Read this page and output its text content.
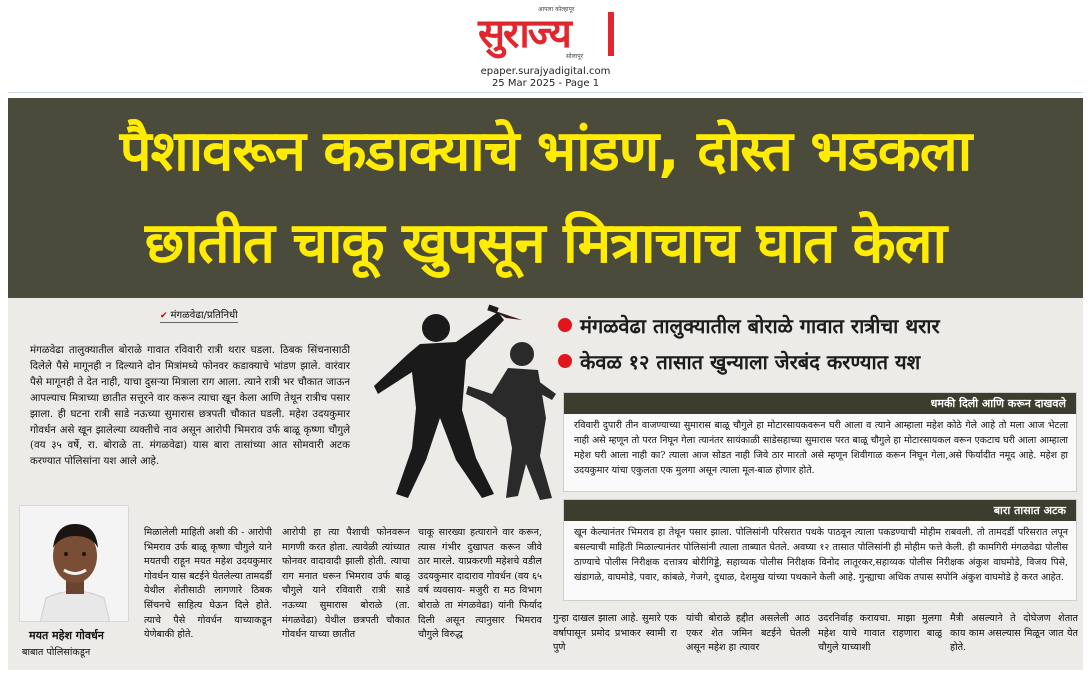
आपला कोल्हापूर
सुराज्य
सोलापूर
epaper.surajyadigital.com
25 Mar 2025 - Page 1
पैशावरून कडाक्याचे भांडण, दोस्त भडकला
छातीत चाकू खुपसून मित्राचाच घात केला
✔ मंगळवेढा/प्रतिनिधी
मंगळवेढा तालुक्यातील बोराळे गावात रविवारी रात्री थरार घडला. ठिबक सिंचनासाठी दिलेले पैसे मागूनही न दिल्याने दोन मित्रांमध्ये फोनवर कडाक्याचे भांडण झाले. वारंवार पैसे मागूनही ते देत नाही, याचा दुसऱ्या मित्राला राग आला. त्याने रात्री भर चौकात जाऊन आपल्याच मित्राच्या छातीत सत्तूरने वार करून त्याचा खून केला आणि तेथून रात्रीच पसार झाला. ही घटना रात्री साडे नऊच्या सुमारास छत्रपती चौकात घडली. महेश उदयकुमार गोवर्धन असे खून झालेल्या व्यक्तीचे नाव असून आरोपी भिमराव उर्फ बाळू कृष्णा चौगुले (वय ३५ वर्षे, रा. बोराळे ता. मंगळवेढा) यास बारा तासांच्या आत सोमवारी अटक करण्यात पोलिसांना यश आले आहे.
मंगळवेढा तालुक्यातील बोराळे गावात रात्रीचा थरार
केवळ १२ तासात खुन्याला जेरबंद करण्यात यश
धमकी दिली आणि करून दाखवले
रविवारी दुपारी तीन वाजण्याच्या सुमारास बाळू चौगुले हा मोटारसायकवरून घरी आला व त्याने आम्हाला महेश कोठे गेले आहे तो मला आज भेटला नाही असे म्हणून तो परत निघून गेला त्यानंतर सायंकाळी साडेसहाच्या सुमारास परत बाळू चौगुले हा मोटारसायकल वरून एकटाच घरी आला आम्हाला महेश घरी आला नाही का? त्याला आज सोडत नाही जिवे ठार मारतो असे म्हणून शिवीगाळ करून निघून गेला,असे फिर्यादीत नमूद आहे. महेश हा उदयकुमार यांचा एकुलता एक मुलगा असून त्याला मूल-बाळ होणार होते.
बारा तासात अटक
खून केल्यानंतर भिमराव हा तेथून पसार झाला. पोलिसांनी परिसरात पथके पाठवून त्याला पकडण्याची मोहीम राबवली. तो तामदर्डी परिसरात लपून बसल्याची माहिती मिळाल्यानंतर पोलिसांनी त्याला ताब्यात घेतले. अवघ्या १२ तासात पोलिसांनी ही मोहीम फत्ते केली. ही कामगिरी मंगळवेढा पोलीस ठाण्याचे पोलीस निरीक्षक दत्तात्रय बोरीगिड्डे, सहाय्यक पोलीस निरीक्षक विनोद लातूरकर,सहाय्यक पोलीस निरीक्षक अंकुश वाघमोडे, विजय पिसे, खंडागळे, वाघमोडे, पवार, कांबळे, गेजगे, दुधाळ, देशमुख यांच्या पथकाने केली आहे. गुन्ह्याचा अधिक तपास सपोनि अंकुश वाघमोडे हे करत आहेत.
मयत महेश गोवर्धन
बाबात पोलिसांकडून
मिळालेली माहिती अशी की - आरोपी भिमराव उर्फ बाळू कृष्णा चौगुले याने मयतची राहून मयत महेश उदयकुमार गोवर्धन यास बटईने घेतलेल्या तामदर्डी येथील शेतीसाठी लागणारे ठिबक सिंचनचे साहित्य घेऊन दिले होते. त्याचे पैसे गोवर्धन याच्याकडून येणेबाकी होते.
आरोपी हा त्या पैशाची फोनवरून मागणी करत होता. त्यावेळी त्यांच्यात फोनवर वादावादी झाली होती. त्याचा राग मनात धरून भिमराव उर्फ बाळू चौगुले याने रविवारी रात्री साडे नऊच्या सुमारास बोराळे (ता. मंगळवेढा) येथील छत्रपती चौकात गोवर्धन याच्या छातीत
चाकू सारख्या हत्याराने वार करून, त्यास गंभीर दुखापत करून जीवे ठार मारले. याप्रकरणी महेशचे वडील उदयकुमार दादाराव गोवर्धन (वय ६५ वर्ष व्यवसाय- मजुरी रा मठ विभाग बोराळे ता मंगळवेढा) यांनी फिर्याद दिली असून त्यानुसार भिमराव चौगुले विरुद्ध
गुन्हा दाखल झाला आहे. सुमारे एक वर्षापासून प्रमोद प्रभाकर स्वामी रा पुणे
यांची बोराळे हद्दीत असलेली आठ एकर शेत जमिन बटईने घेतली असून महेश हा त्यावर
उदरनिर्वाह करायचा. माझा मुलगा महेश याचे गावात राहणारा बाळू चौगुले याच्याशी
मैत्री असल्याने ते दोघेजण शेतात काय काम असल्यास मिळून जात येत होते.
